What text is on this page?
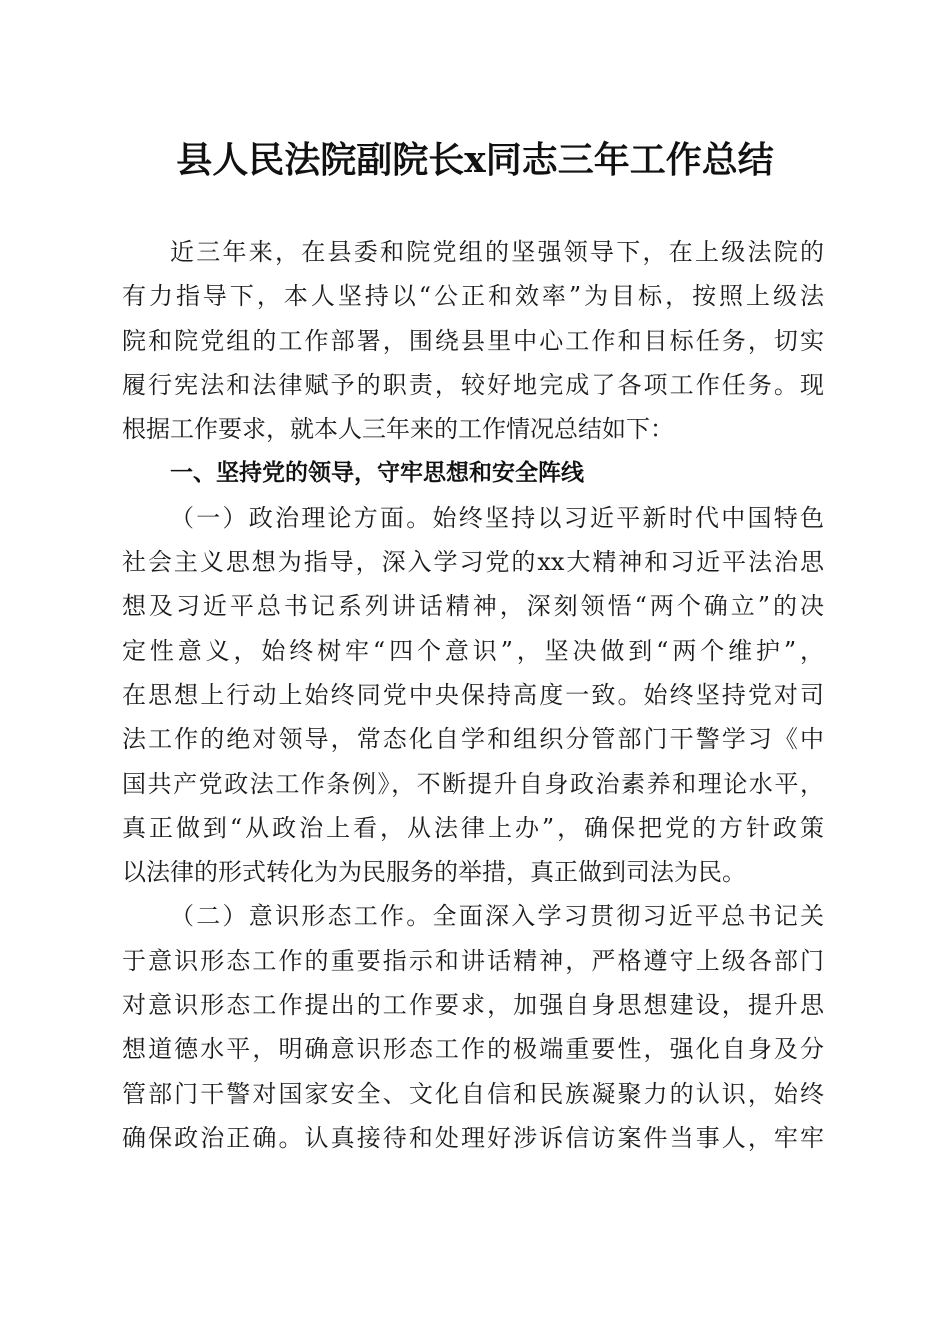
县人民法院副院长x同志三年工作总结
近三年来，在县委和院党组的坚强领导下，在上级法院的
有力指导下，本人坚持以“公正和效率”为目标，按照上级法
院和院党组的工作部署，围绕县里中心工作和目标任务，切实
履行宪法和法律赋予的职责，较好地完成了各项工作任务。现
根据工作要求，就本人三年来的工作情况总结如下：
一、坚持党的领导，守牢思想和安全阵线
（一）政治理论方面。始终坚持以习近平新时代中国特色
社会主义思想为指导，深入学习党的xx大精神和习近平法治思
想及习近平总书记系列讲话精神，深刻领悟“两个确立”的决
定性意义，始终树牢“四个意识”，坚决做到“两个维护”，
在思想上行动上始终同党中央保持高度一致。始终坚持党对司
法工作的绝对领导，常态化自学和组织分管部门干警学习《中
国共产党政法工作条例》，不断提升自身政治素养和理论水平，
真正做到“从政治上看，从法律上办”，确保把党的方针政策
以法律的形式转化为为民服务的举措，真正做到司法为民。
（二）意识形态工作。全面深入学习贯彻习近平总书记关
于意识形态工作的重要指示和讲话精神，严格遵守上级各部门
对意识形态工作提出的工作要求，加强自身思想建设，提升思
想道德水平，明确意识形态工作的极端重要性，强化自身及分
管部门干警对国家安全、文化自信和民族凝聚力的认识，始终
确保政治正确。认真接待和处理好涉诉信访案件当事人，牢牢
